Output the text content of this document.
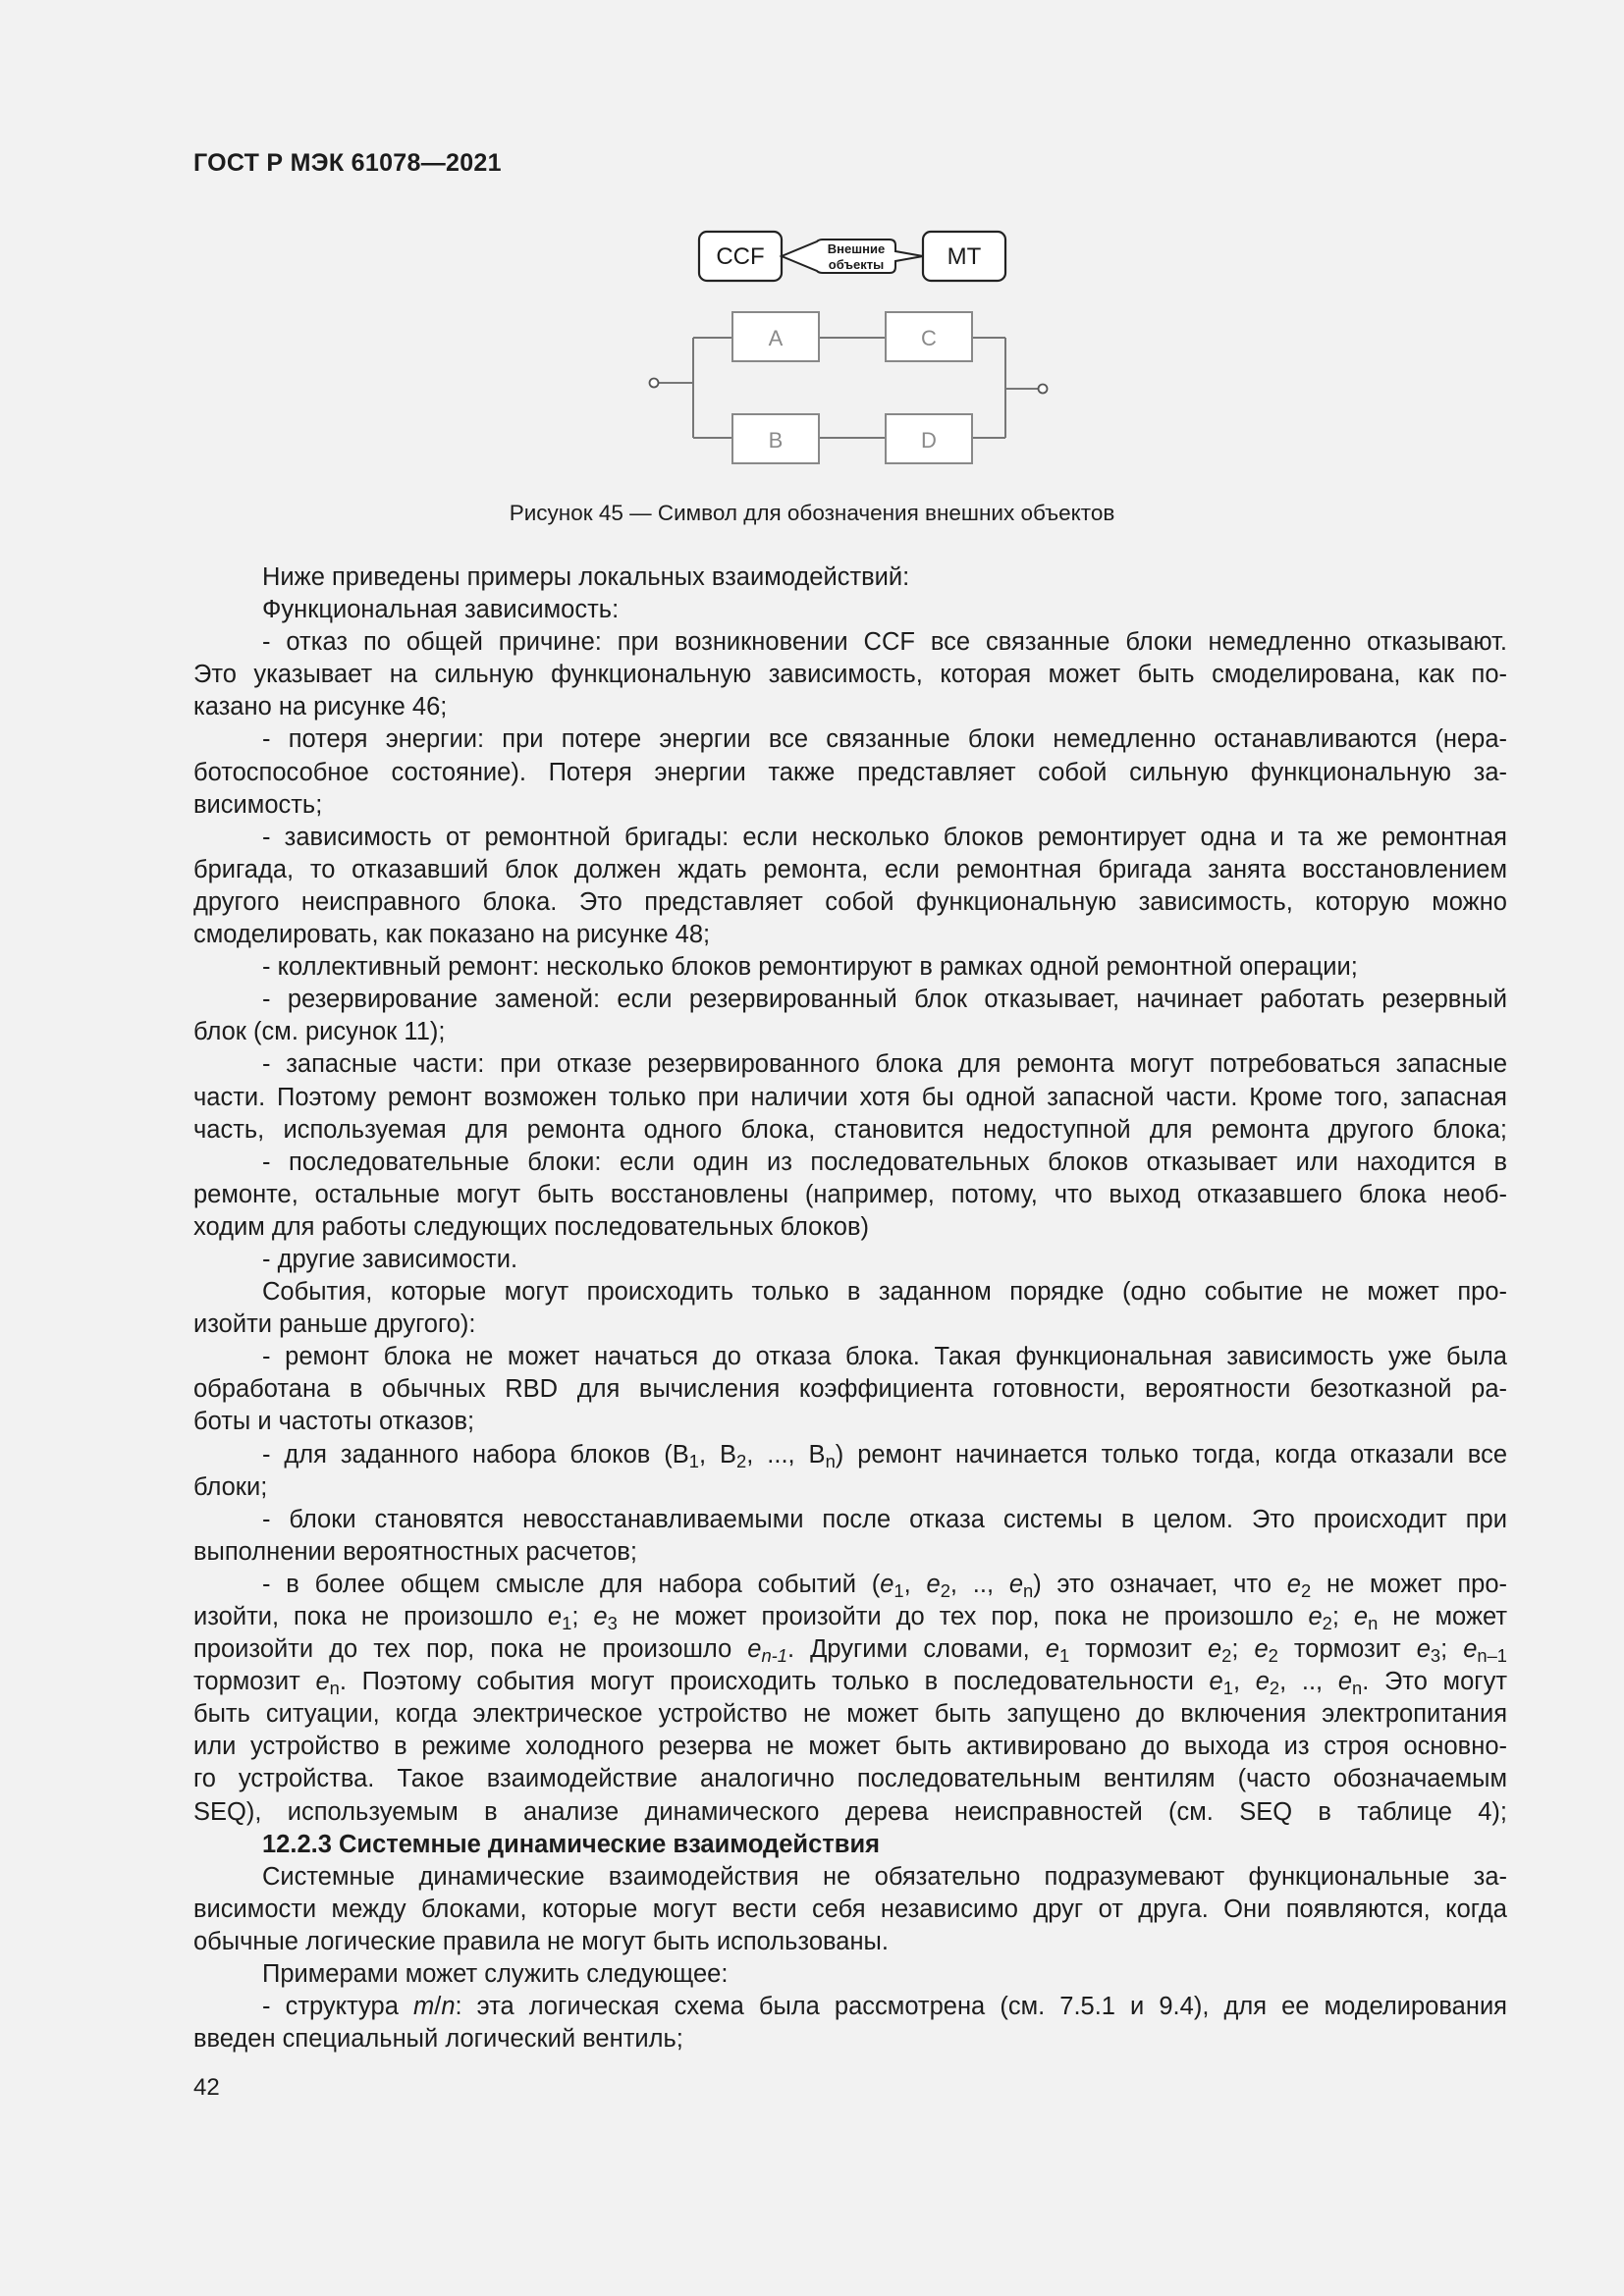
ГОСТ Р МЭК 61078—2021
CCF	Внешние
объекты	MT
A	C
B	D
Рисунок 45 — Символ для обозначения внешних объектов
Ниже приведены примеры локальных взаимодействий:
Функциональная зависимость:
- отказ по общей причине: при возникновении CCF все связанные блоки немедленно отказывают.
Это указывает на сильную функциональную зависимость, которая может быть смоделирована, как по-
казано на рисунке 46;
- потеря энергии: при потере энергии все связанные блоки немедленно останавливаются (нера-
ботоспособное состояние). Потеря энергии также представляет собой сильную функциональную за-
висимость;
- зависимость от ремонтной бригады: если несколько блоков ремонтирует одна и та же ремонтная
бригада, то отказавший блок должен ждать ремонта, если ремонтная бригада занята восстановлением
другого неисправного блока. Это представляет собой функциональную зависимость, которую можно
смоделировать, как показано на рисунке 48;
- коллективный ремонт: несколько блоков ремонтируют в рамках одной ремонтной операции;
- резервирование заменой: если резервированный блок отказывает, начинает работать резервный
блок (см. рисунок 11);
- запасные части: при отказе резервированного блока для ремонта могут потребоваться запасные
части. Поэтому ремонт возможен только при наличии хотя бы одной запасной части. Кроме того, запасная
часть, используемая для ремонта одного блока, становится недоступной для ремонта другого блока;
- последовательные блоки: если один из последовательных блоков отказывает или находится в
ремонте, остальные могут быть восстановлены (например, потому, что выход отказавшего блока необ-
ходим для работы следующих последовательных блоков)
- другие зависимости.
События, которые могут происходить только в заданном порядке (одно событие не может про-
изойти раньше другого):
- ремонт блока не может начаться до отказа блока. Такая функциональная зависимость уже была
обработана в обычных RBD для вычисления коэффициента готовности, вероятности безотказной ра-
боты и частоты отказов;
- для заданного набора блоков ($B_1$, $B_2$, ..., $B_n$) ремонт начинается только тогда, когда отказали все
блоки;
- блоки становятся невосстанавливаемыми после отказа системы в целом. Это происходит при
выполнении вероятностных расчетов;
- в более общем смысле для набора событий ($e_1$, $e_2$, .., $e_n$) это означает, что $e_2$ не может про-
изойти, пока не произошло $e_1$; $e_3$ не может произойти до тех пор, пока не произошло $e_2$; $e_n$ не может
произойти до тех пор, пока не произошло $e_{n-1}$. Другими словами, $e_1$ тормозит $e_2$; $e_2$ тормозит $e_3$; $e_{n-1}$
тормозит $e_n$. Поэтому события могут происходить только в последовательности $e_1$, $e_2$, .., $e_n$. Это могут
быть ситуации, когда электрическое устройство не может быть запущено до включения электропитания
или устройство в режиме холодного резерва не может быть активировано до выхода из строя основно-
го устройства. Такое взаимодействие аналогично последовательным вентилям (часто обозначаемым
SEQ), используемым в анализе динамического дерева неисправностей (см. SEQ в таблице 4);
12.2.3 Системные динамические взаимодействия
Системные динамические взаимодействия не обязательно подразумевают функциональные за-
висимости между блоками, которые могут вести себя независимо друг от друга. Они появляются, когда
обычные логические правила не могут быть использованы.
Примерами может служить следующее:
- структура m/n: эта логическая схема была рассмотрена (см. 7.5.1 и 9.4), для ее моделирования
введен специальный логический вентиль;
42
